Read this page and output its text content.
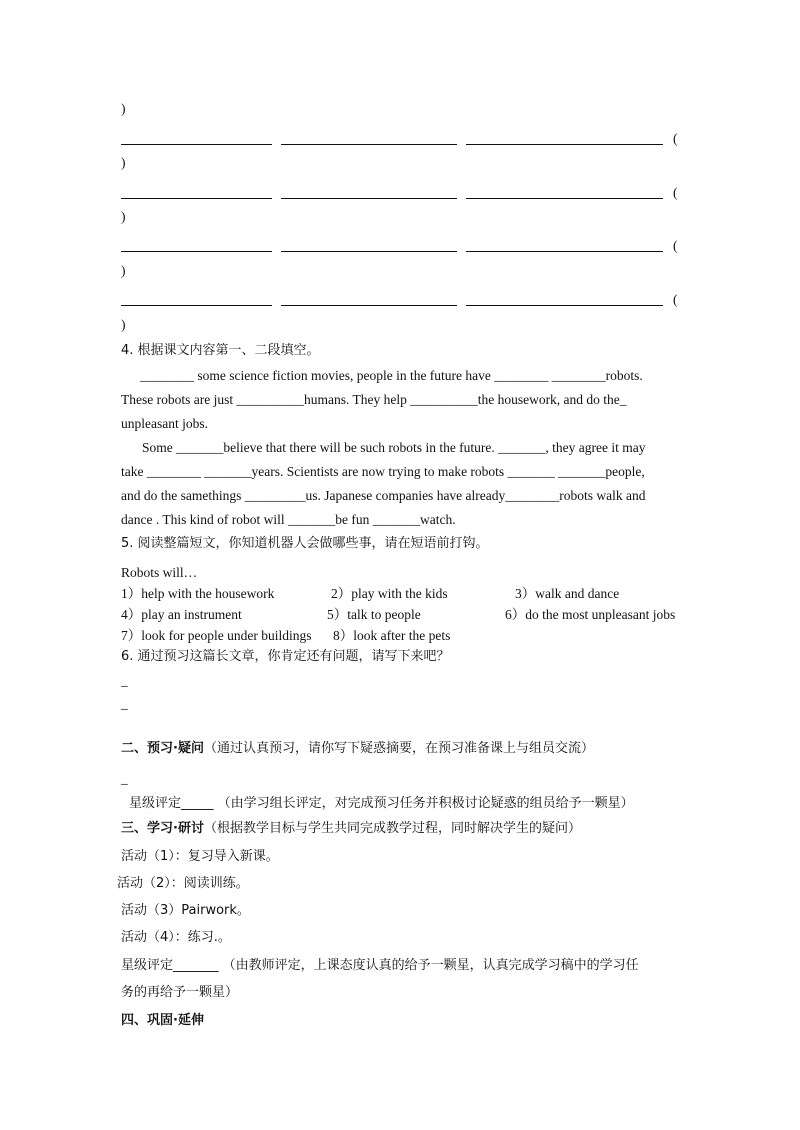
)
(
)
(
)
(
)
(
)
4. 根据课文内容第一、二段填空。
________ some science fiction movies, people in the future have ________ ________robots.
These robots are just __________humans. They help __________the housework, and do the_
unpleasant jobs.
Some _______believe that there will be such robots in the future. _______, they agree it may
take ________ _______years. Scientists are now trying to make robots _______ _______people,
and do the samethings _________us. Japanese companies have already________robots walk and
dance . This kind of robot will _______be fun _______watch.
5. 阅读整篇短文，你知道机器人会做哪些事，请在短语前打钩。
Robots will…
1）help with the housework	2）play with the kids	3）walk and dance
4）play an instrument	5）talk to people	6）do the most unpleasant jobs
7）look for people under buildings 8）look after the pets
6. 通过预习这篇长文章，你肯定还有问题，请写下来吧？
_
_
二、预习·疑问（通过认真预习，请你写下疑惑摘要，在预习准备课上与组员交流）
_
星级评定_____ （由学习组长评定，对完成预习任务并积极讨论疑惑的组员给予一颗星）
三、学习·研讨（根据教学目标与学生共同完成教学过程，同时解决学生的疑问）
活动（1）：复习导入新课。
活动（2）：阅读训练。
活动（3）Pairwork。
活动（4）：练习.。
星级评定_______ （由教师评定，上课态度认真的给予一颗星，认真完成学习稿中的学习任
务的再给予一颗星）
四、巩固·延伸
